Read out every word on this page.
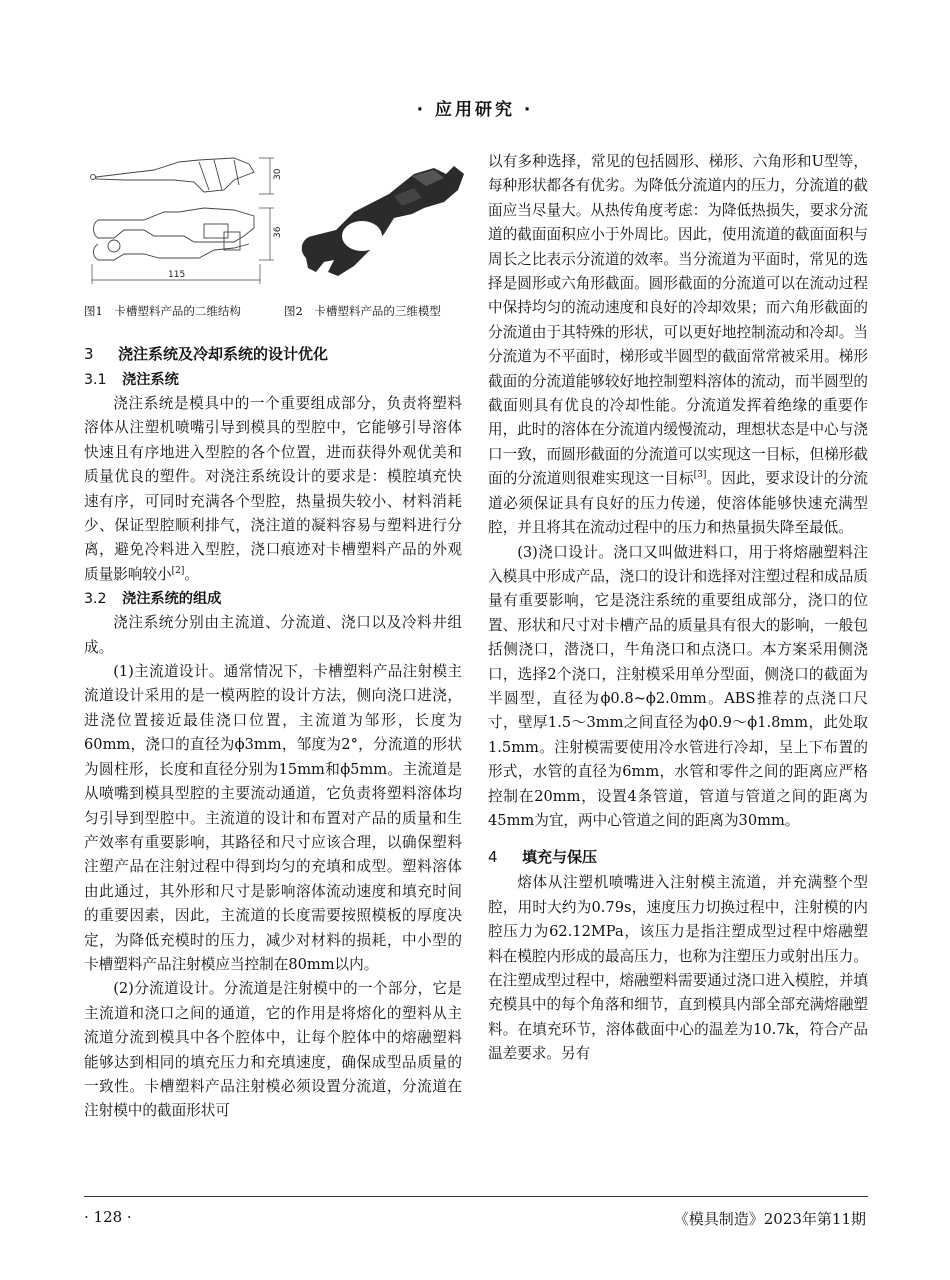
· 应用研究 ·
30
36
115
图1　卡槽塑料产品的二维结构	图2　卡槽塑料产品的三维模型
3 浇注系统及冷却系统的设计优化
3.1 浇注系统

浇注系统是模具中的一个重要组成部分，负责将塑料溶体从注塑机喷嘴引导到模具的型腔中，它能够引导溶体快速且有序地进入型腔的各个位置，进而获得外观优美和质量优良的塑件。对浇注系统设计的要求是：模腔填充快速有序，可同时充满各个型腔，热量损失较小、材料消耗少、保证型腔顺利排气，浇注道的凝料容易与塑料进行分离，避免冷料进入型腔，浇口痕迹对卡槽塑料产品的外观质量影响较小[2]。

3.2 浇注系统的组成

浇注系统分别由主流道、分流道、浇口以及冷料井组成。

(1)主流道设计。通常情况下，卡槽塑料产品注射模主流道设计采用的是一模两腔的设计方法，侧向浇口进浇，进浇位置接近最佳浇口位置，主流道为邹形，长度为60mm，浇口的直径为ϕ3mm，邹度为2°，分流道的形状为圆柱形，长度和直径分别为15mm和ϕ5mm。主流道是从喷嘴到模具型腔的主要流动通道，它负责将塑料溶体均匀引导到型腔中。主流道的设计和布置对产品的质量和生产效率有重要影响，其路径和尺寸应该合理，以确保塑料注塑产品在注射过程中得到均匀的充填和成型。塑料溶体由此通过，其外形和尺寸是影响溶体流动速度和填充时间的重要因素，因此，主流道的长度需要按照模板的厚度决定，为降低充模时的压力，减少对材料的损耗，中小型的卡槽塑料产品注射模应当控制在80mm以内。

(2)分流道设计。分流道是注射模中的一个部分，它是主流道和浇口之间的通道，它的作用是将熔化的塑料从主流道分流到模具中各个腔体中，让每个腔体中的熔融塑料能够达到相同的填充压力和充填速度，确保成型品质量的一致性。卡槽塑料产品注射模必须设置分流道，分流道在注射模中的截面形状可

以有多种选择，常见的包括圆形、梯形、六角形和U型等，每种形状都各有优劣。为降低分流道内的压力，分流道的截面应当尽量大。从热传角度考虑：为降低热损失，要求分流道的截面面积应小于外周比。因此，使用流道的截面面积与周长之比表示分流道的效率。当分流道为平面时，常见的选择是圆形或六角形截面。圆形截面的分流道可以在流动过程中保持均匀的流动速度和良好的冷却效果；而六角形截面的分流道由于其特殊的形状，可以更好地控制流动和冷却。当分流道为不平面时，梯形或半圆型的截面常常被采用。梯形截面的分流道能够较好地控制塑料溶体的流动，而半圆型的截面则具有优良的冷却性能。分流道发挥着绝缘的重要作用，此时的溶体在分流道内缓慢流动，理想状态是中心与浇口一致，而圆形截面的分流道可以实现这一目标，但梯形截面的分流道则很难实现这一目标[3]。因此，要求设计的分流道必须保证具有良好的压力传递，使溶体能够快速充满型腔，并且将其在流动过程中的压力和热量损失降至最低。

(3)浇口设计。浇口又叫做进料口，用于将熔融塑料注入模具中形成产品，浇口的设计和选择对注塑过程和成品质量有重要影响，它是浇注系统的重要组成部分，浇口的位置、形状和尺寸对卡槽产品的质量具有很大的影响，一般包括侧浇口，潜浇口，牛角浇口和点浇口。本方案采用侧浇口，选择2个浇口，注射模采用单分型面，侧浇口的截面为半圆型，直径为ϕ0.8~ϕ2.0mm。ABS推荐的点浇口尺寸，壁厚1.5～3mm之间直径为ϕ0.9～ϕ1.8mm，此处取1.5mm。注射模需要使用冷水管进行冷却，呈上下布置的形式，水管的直径为6mm，水管和零件之间的距离应严格控制在20mm，设置4条管道，管道与管道之间的距离为45mm为宜，两中心管道之间的距离为30mm。

4 填充与保压

熔体从注塑机喷嘴进入注射模主流道，并充满整个型腔，用时大约为0.79s，速度压力切换过程中，注射模的内腔压力为62.12MPa，该压力是指注塑成型过程中熔融塑料在模腔内形成的最高压力，也称为注塑压力或射出压力。在注塑成型过程中，熔融塑料需要通过浇口进入模腔，并填充模具中的每个角落和细节，直到模具内部全部充满熔融塑料。在填充环节，溶体截面中心的温差为10.7k，符合产品温差要求。另有

· 128 ·	《模具制造》2023年第11期
